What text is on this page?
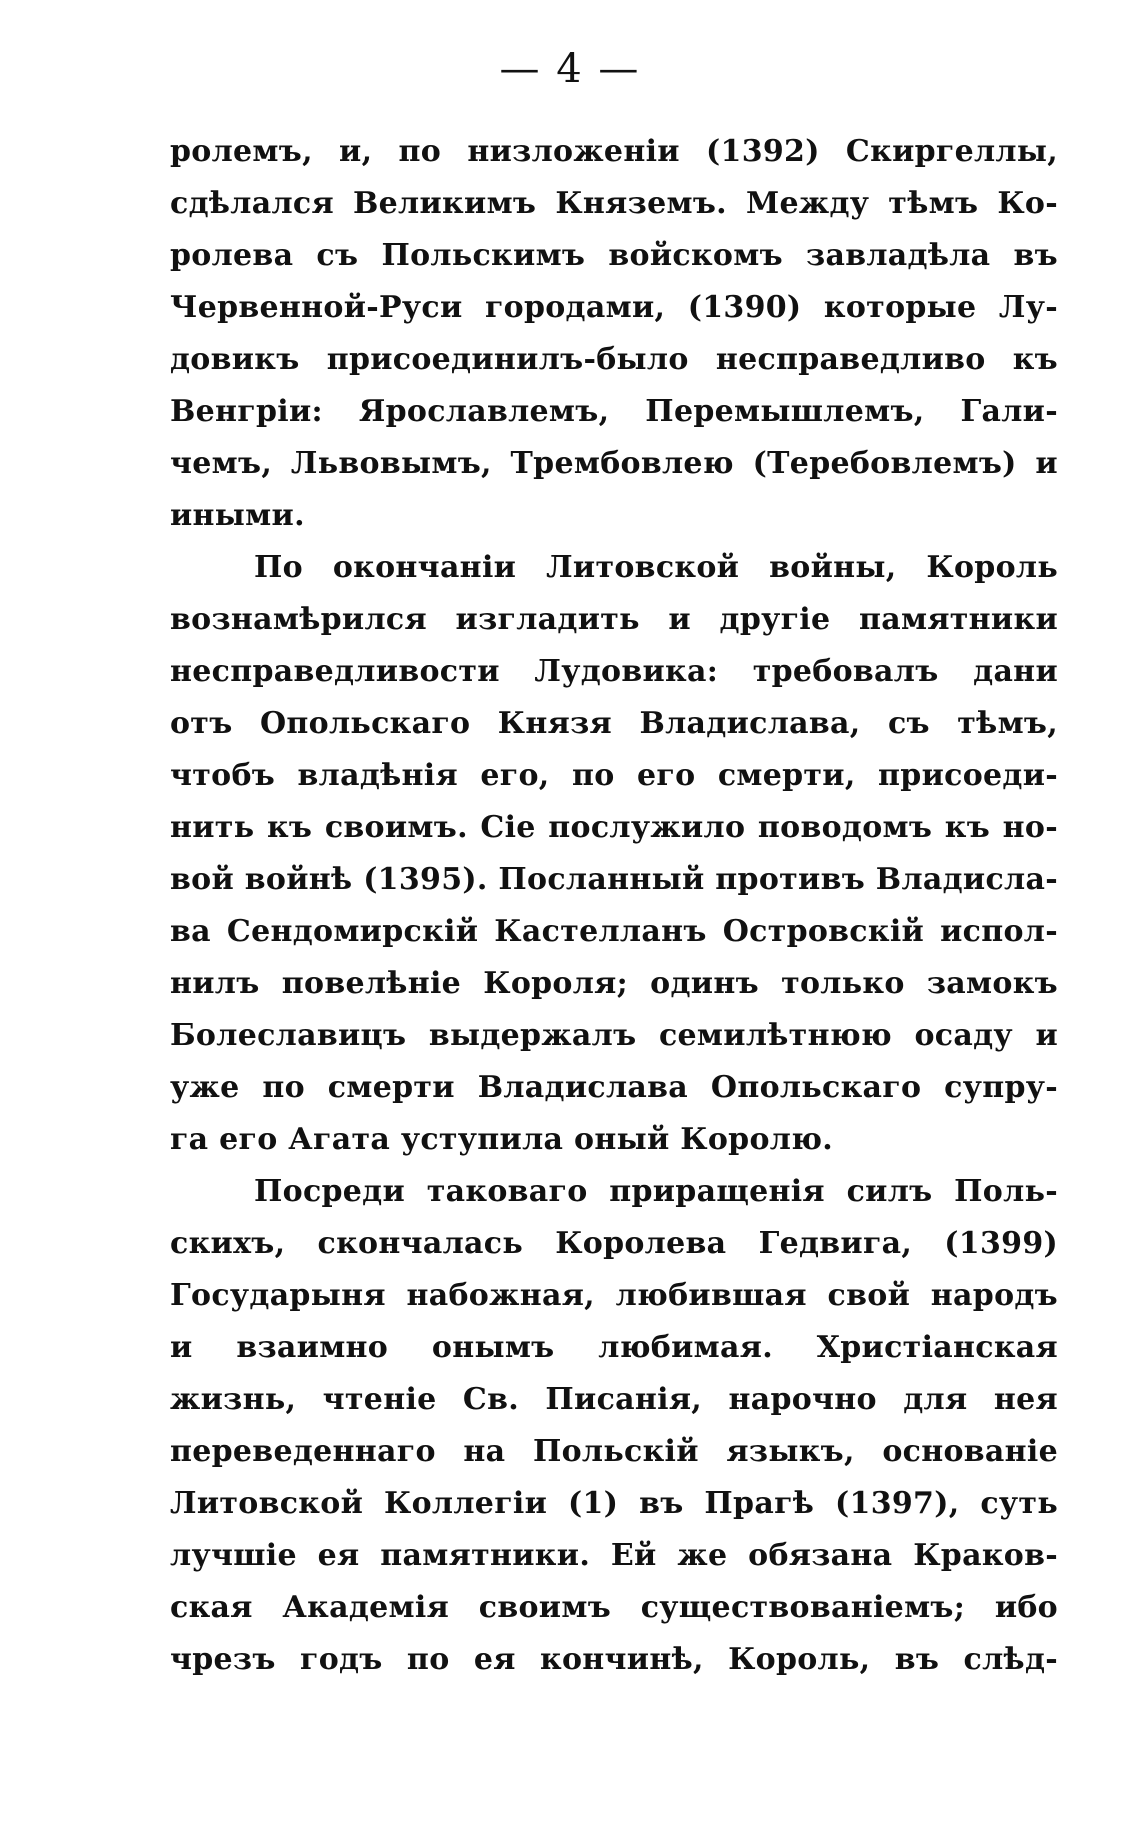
— 4 —
ролемъ, и, по низложеніи (1392) Скиргеллы,
сдѣлался Великимъ Княземъ. Между тѣмъ Ко-
ролева съ Польскимъ войскомъ завладѣла въ
Червенной-Руси городами, (1390) которые Лу-
довикъ присоединилъ-было несправедливо къ
Венгріи: Ярославлемъ, Перемышлемъ, Гали-
чемъ, Львовымъ, Трембовлею (Теребовлемъ) и
иными.
По окончаніи Литовской войны, Король
вознамѣрился изгладить и другіе памятники
несправедливости Лудовика: требовалъ дани
отъ Опольскаго Князя Владислава, съ тѣмъ,
чтобъ владѣнія его, по его смерти, присоеди-
нить къ своимъ. Сіе послужило поводомъ къ но-
вой войнѣ (1395). Посланный противъ Владисла-
ва Сендомирскій Кастелланъ Островскій испол-
нилъ повелѣніе Короля; одинъ только замокъ
Болеславицъ выдержалъ семилѣтнюю осаду и
уже по смерти Владислава Опольскаго супру-
га его Агата уступила оный Королю.
Посреди таковаго приращенія силъ Поль-
скихъ, скончалась Королева Гедвига, (1399)
Государыня набожная, любившая свой народъ
и взаимно онымъ любимая. Христіанская
жизнь, чтеніе Св. Писанія, нарочно для нея
переведеннаго на Польскій языкъ, основаніе
Литовской Коллегіи (1) въ Прагѣ (1397), суть
лучшіе ея памятники. Ей же обязана Краков-
ская Академія своимъ существованіемъ; ибо
чрезъ годъ по ея кончинѣ, Король, въ слѣд-
